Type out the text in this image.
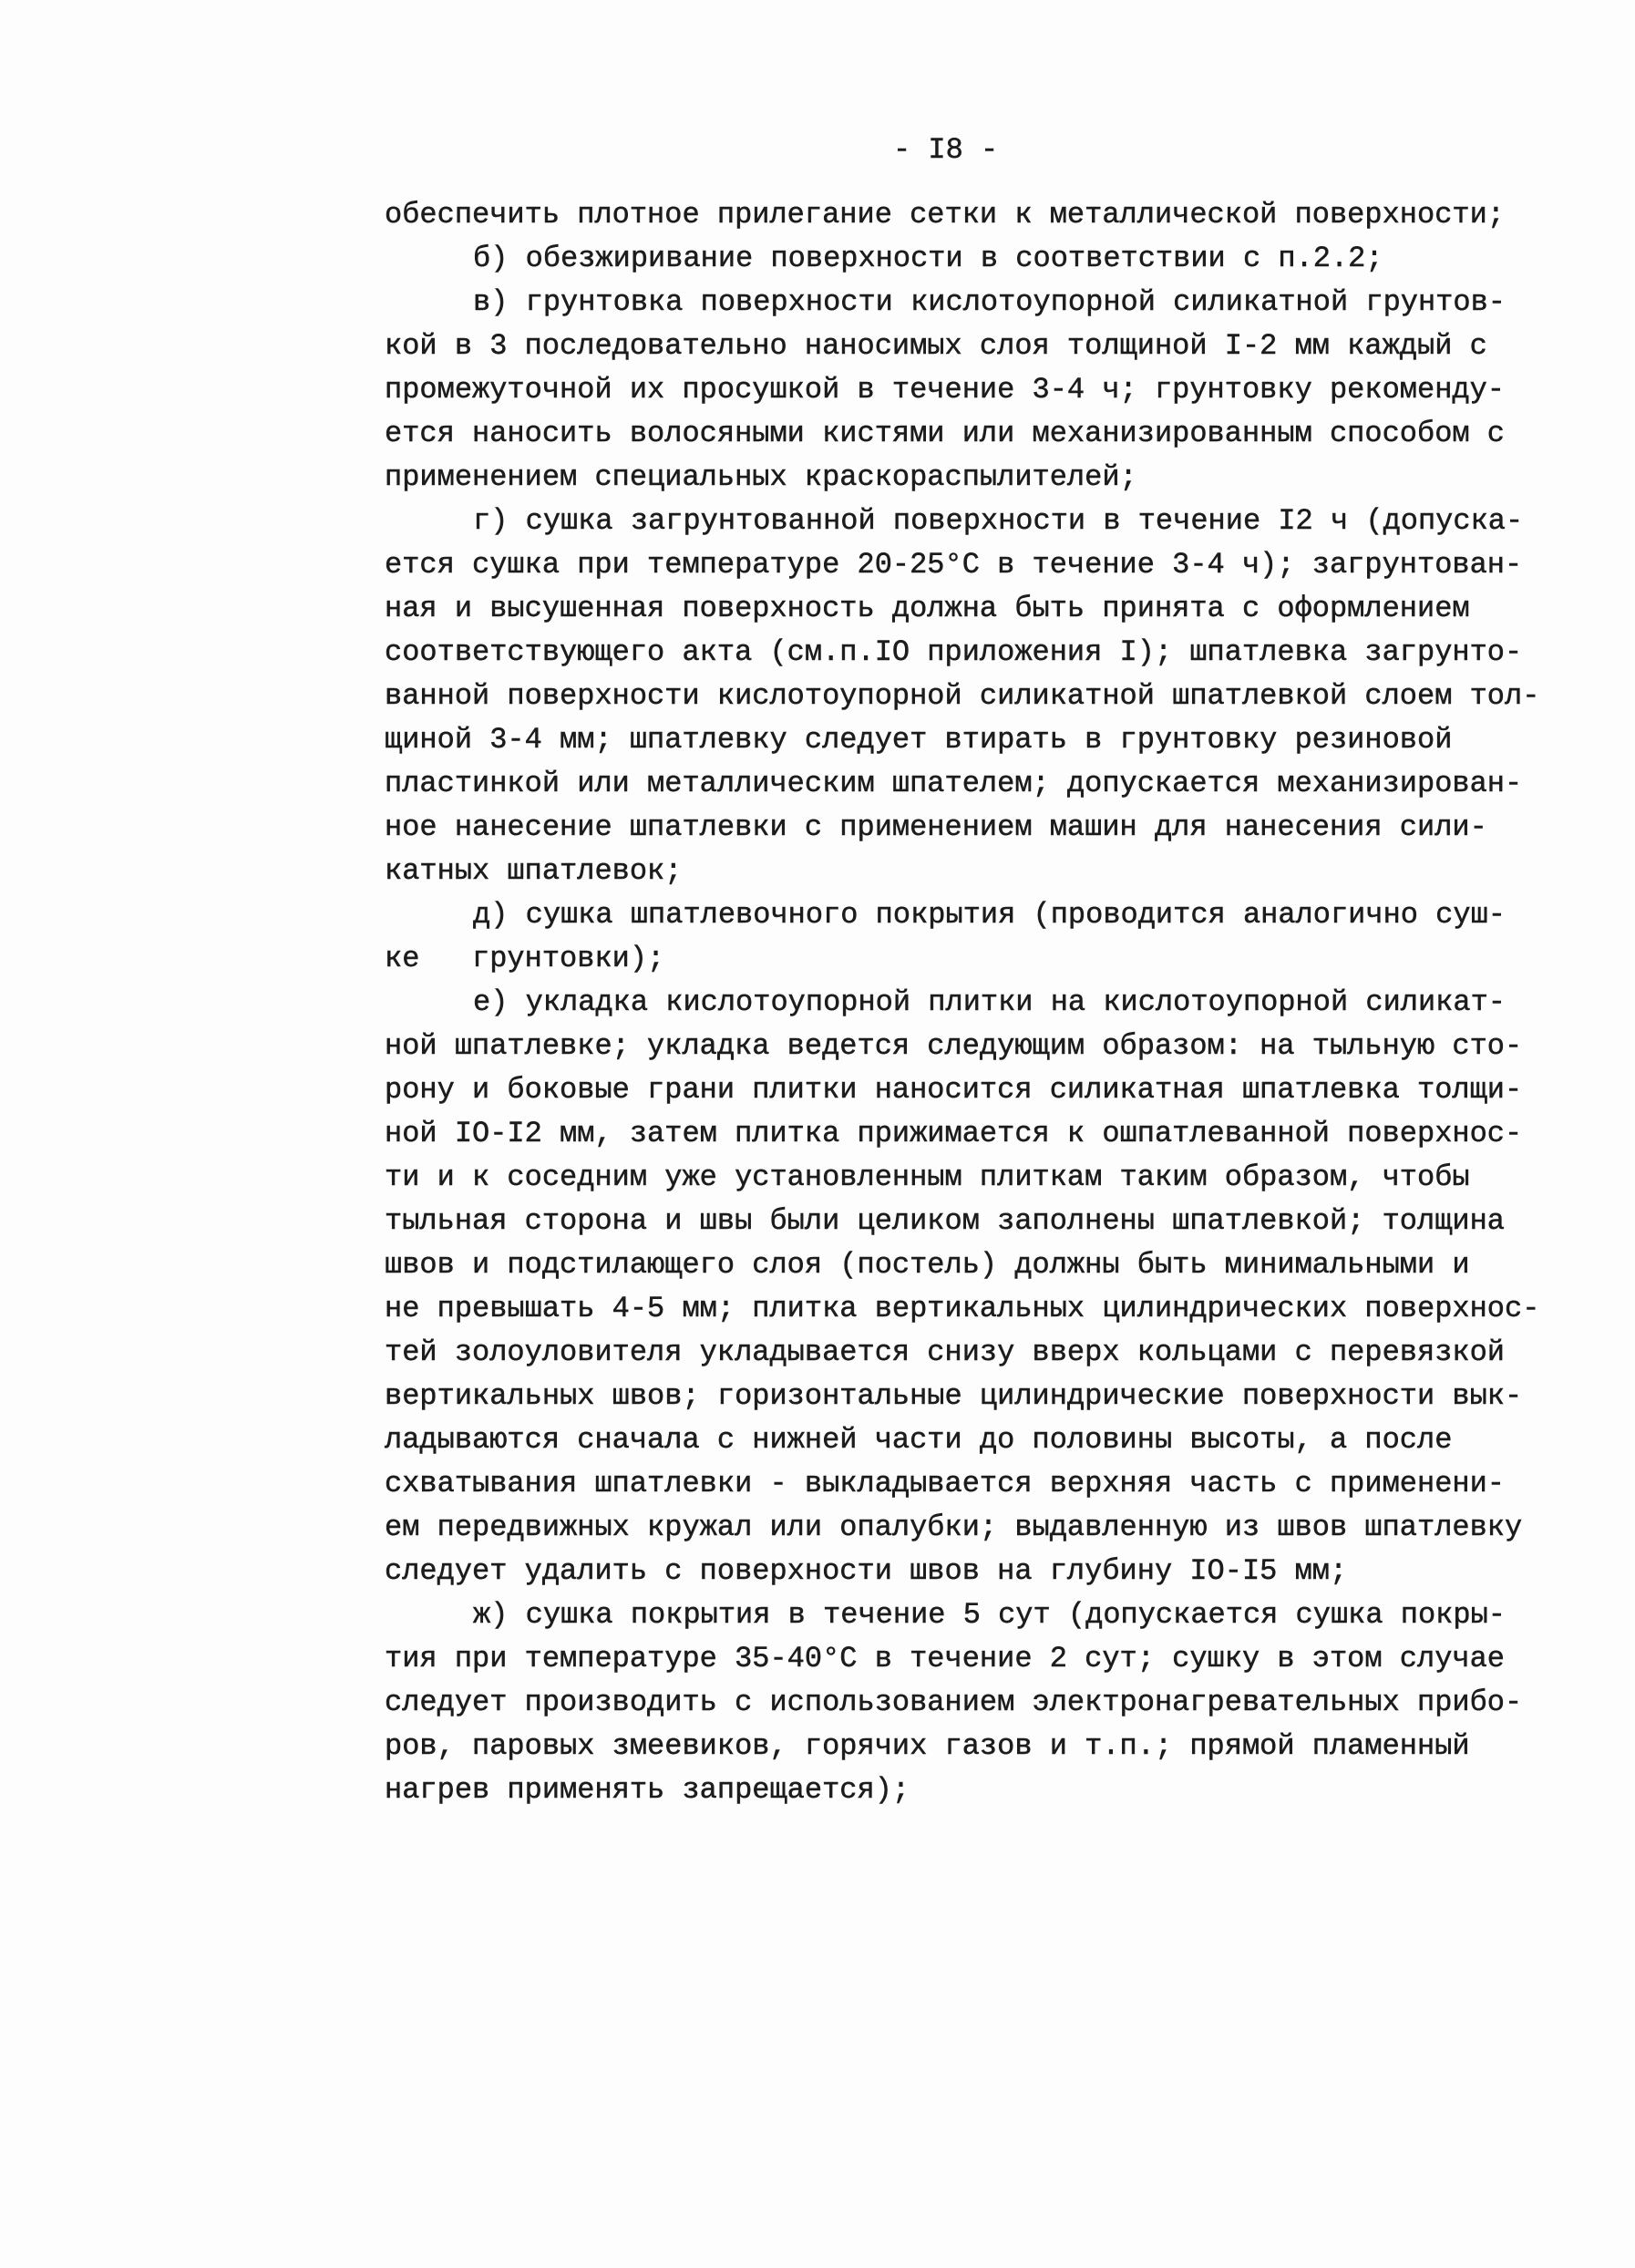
- I8 -
обеспечить плотное прилегание сетки к металлической поверхности;
б) обезжиривание поверхности в соответствии с п.2.2;
в) грунтовка поверхности кислотоупорной силикатной грунтов-
кой в 3 последовательно наносимых слоя толщиной I-2 мм каждый с
промежуточной их просушкой в течение 3-4 ч; грунтовку рекоменду-
ется наносить волосяными кистями или механизированным способом с
применением специальных краскораспылителей;
г) сушка загрунтованной поверхности в течение I2 ч (допуска-
ется сушка при температуре 20-25°С в течение 3-4 ч); загрунтован-
ная и высушенная поверхность должна быть принята с оформлением
соответствующего акта (см.п.IO приложения I); шпатлевка загрунто-
ванной поверхности кислотоупорной силикатной шпатлевкой слоем тол-
щиной 3-4 мм; шпатлевку следует втирать в грунтовку резиновой
пластинкой или металлическим шпателем; допускается механизирован-
ное нанесение шпатлевки с применением машин для нанесения сили-
катных шпатлевок;
д) сушка шпатлевочного покрытия (проводится аналогично суш-
ке   грунтовки);
е) укладка кислотоупорной плитки на кислотоупорной силикат-
ной шпатлевке; укладка ведется следующим образом: на тыльную сто-
рону и боковые грани плитки наносится силикатная шпатлевка толщи-
ной IO-I2 мм, затем плитка прижимается к ошпатлеванной поверхнос-
ти и к соседним уже установленным плиткам таким образом, чтобы
тыльная сторона и швы были целиком заполнены шпатлевкой; толщина
швов и подстилающего слоя (постель) должны быть минимальными и
не превышать 4-5 мм; плитка вертикальных цилиндрических поверхнос-
тей золоуловителя укладывается снизу вверх кольцами с перевязкой
вертикальных швов; горизонтальные цилиндрические поверхности вык-
ладываются сначала с нижней части до половины высоты, а после
схватывания шпатлевки - выкладывается верхняя часть с применени-
ем передвижных кружал или опалубки; выдавленную из швов шпатлевку
следует удалить с поверхности швов на глубину IO-I5 мм;
ж) сушка покрытия в течение 5 сут (допускается сушка покры-
тия при температуре 35-40°С в течение 2 сут; сушку в этом случае
следует производить с использованием электронагревательных прибо-
ров, паровых змеевиков, горячих газов и т.п.; прямой пламенный
нагрев применять запрещается);
